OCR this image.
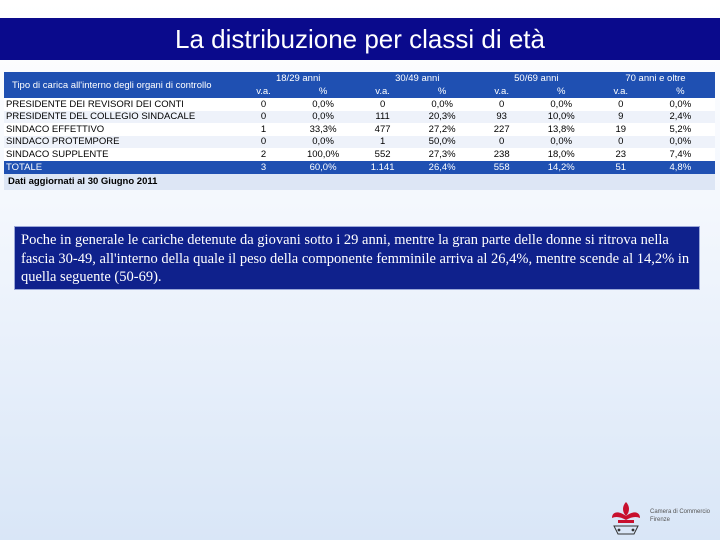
La distribuzione per classi di età
Tipo di carica all'interno degli organi di controllo	18/29 anni		30/49 anni		50/69 anni		70 anni e oltre	
	v.a.	%	v.a.	%	v.a.	%	v.a.	%
PRESIDENTE DEI REVISORI DEI CONTI	0	0,0%	0	0,0%	0	0,0%	0	0,0%
PRESIDENTE DEL COLLEGIO SINDACALE	0	0,0%	111	20,3%	93	10,0%	9	2,4%
SINDACO EFFETTIVO	1	33,3%	477	27,2%	227	13,8%	19	5,2%
SINDACO PROTEMPORE	0	0,0%	1	50,0%	0	0,0%	0	0,0%
SINDACO SUPPLENTE	2	100,0%	552	27,3%	238	18,0%	23	7,4%
TOTALE	3	60,0%	1.141	26,4%	558	14,2%	51	4,8%
Dati aggiornati al 30 Giugno 2011
Poche in generale le cariche detenute da giovani sotto i 29 anni, mentre la gran parte delle donne si ritrova nella fascia 30-49, all'interno della quale il peso della componente femminile arriva al 26,4%, mentre scende al 14,2% in quella seguente (50-69).
Camera di Commercio
Firenze
